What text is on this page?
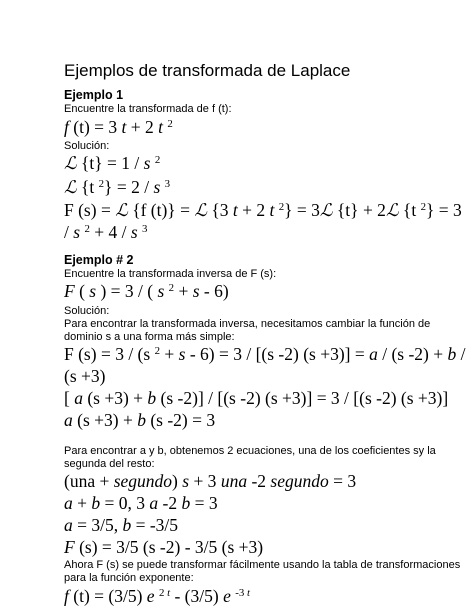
Ejemplos de transformada de Laplace
Ejemplo 1
Encuentre la transformada de f (t):
f (t) = 3 t + 2 t $^2$
Solución:
ℒ {t} = 1 / s $^2$
ℒ {t $^2$} = 2 / s $^3$
F (s) = ℒ {f (t)} = ℒ {3 t + 2 t $^2$} = 3ℒ {t} + 2ℒ {t $^2$} = 3
/ s $^2$ + 4 / s $^3$
Ejemplo # 2
Encuentre la transformada inversa de F (s):
F ( s ) = 3 / ( s $^2$ + s - 6)
Solución:
Para encontrar la transformada inversa, necesitamos cambiar la función de
dominio s a una forma más simple:
F (s) = 3 / (s $^2$ + s - 6) = 3 / [(s -2) (s +3)] = a / (s -2) + b /
(s +3)
[ a (s +3) + b (s -2)] / [(s -2) (s +3)] = 3 / [(s -2) (s +3)]
a (s +3) + b (s -2) = 3
Para encontrar a y b, obtenemos 2 ecuaciones, una de los coeficientes sy la
segunda del resto:
(una + segundo) s + 3 una -2 segundo = 3
a + b = 0, 3 a -2 b = 3
a = 3/5, b = -3/5
F (s) = 3/5 (s -2) - 3/5 (s +3)
Ahora F (s) se puede transformar fácilmente usando la tabla de transformaciones
para la función exponente:
f (t) = (3/5) e $^{2 t}$ - (3/5) e $^{-3 t}$
